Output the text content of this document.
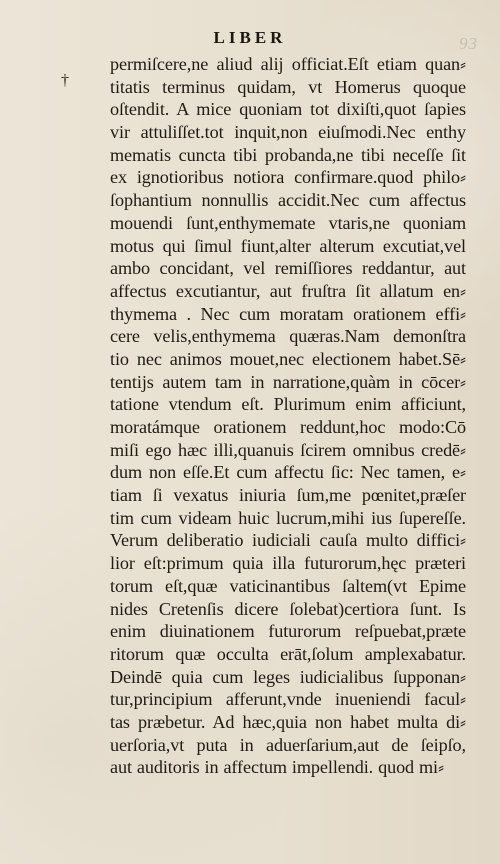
93
LIBER
†
permiſcere,ne aliud alij officiat.Eſt etiam quan⸗
titatis terminus quidam, vt Homerus quoque
oſtendit. A mice quoniam tot dixiſti,quot ſapies
vir attuliſſet.tot inquit,non eiuſmodi.Nec enthy
mematis cuncta tibi probanda,ne tibi neceſſe ſit
ex ignotioribus notiora confirmare.quod philo⸗
ſophantium nonnullis accidit.Nec cum affectus
mouendi ſunt,enthymemate vtaris,ne quoniam
motus qui ſimul fiunt,alter alterum excutiat,vel
ambo concidant, vel remiſſiores reddantur, aut
affectus excutiantur, aut fruſtra ſit allatum en⸗
thymema . Nec cum moratam orationem effi⸗
cere velis,enthymema quæras.Nam demonſtra
tio nec animos mouet,nec electionem habet.Sē⸗
tentijs autem tam in narratione,quàm in cōcer⸗
tatione vtendum eſt. Plurimum enim afficiunt,
moratámque orationem reddunt,hoc modo:Cō
miſi ego hæc illi,quanuis ſcirem omnibus credē⸗
dum non eſſe.Et cum affectu ſic: Nec tamen, e⸗
tiam ſi vexatus iniuria ſum,me pœnitet,præſer
tim cum videam huic lucrum,mihi ius ſupereſſe.
Verum deliberatio iudiciali cauſa multo diffici⸗
lior eſt:primum quia illa futurorum,hęc præteri
torum eſt,quæ vaticinantibus ſaltem(vt Epime
nides Cretenſis dicere ſolebat)certiora ſunt. Is
enim diuinationem futurorum reſpuebat,præte
ritorum quæ occulta erāt,ſolum amplexabatur.
Deindē quia cum leges iudicialibus ſupponan⸗
tur,principium afferunt,vnde inueniendi facul⸗
tas præbetur. Ad hæc,quia non habet multa di⸗
uerſoria,vt puta in aduerſarium,aut de ſeipſo,
aut auditoris in affectum impellendi. quod mi⸗
